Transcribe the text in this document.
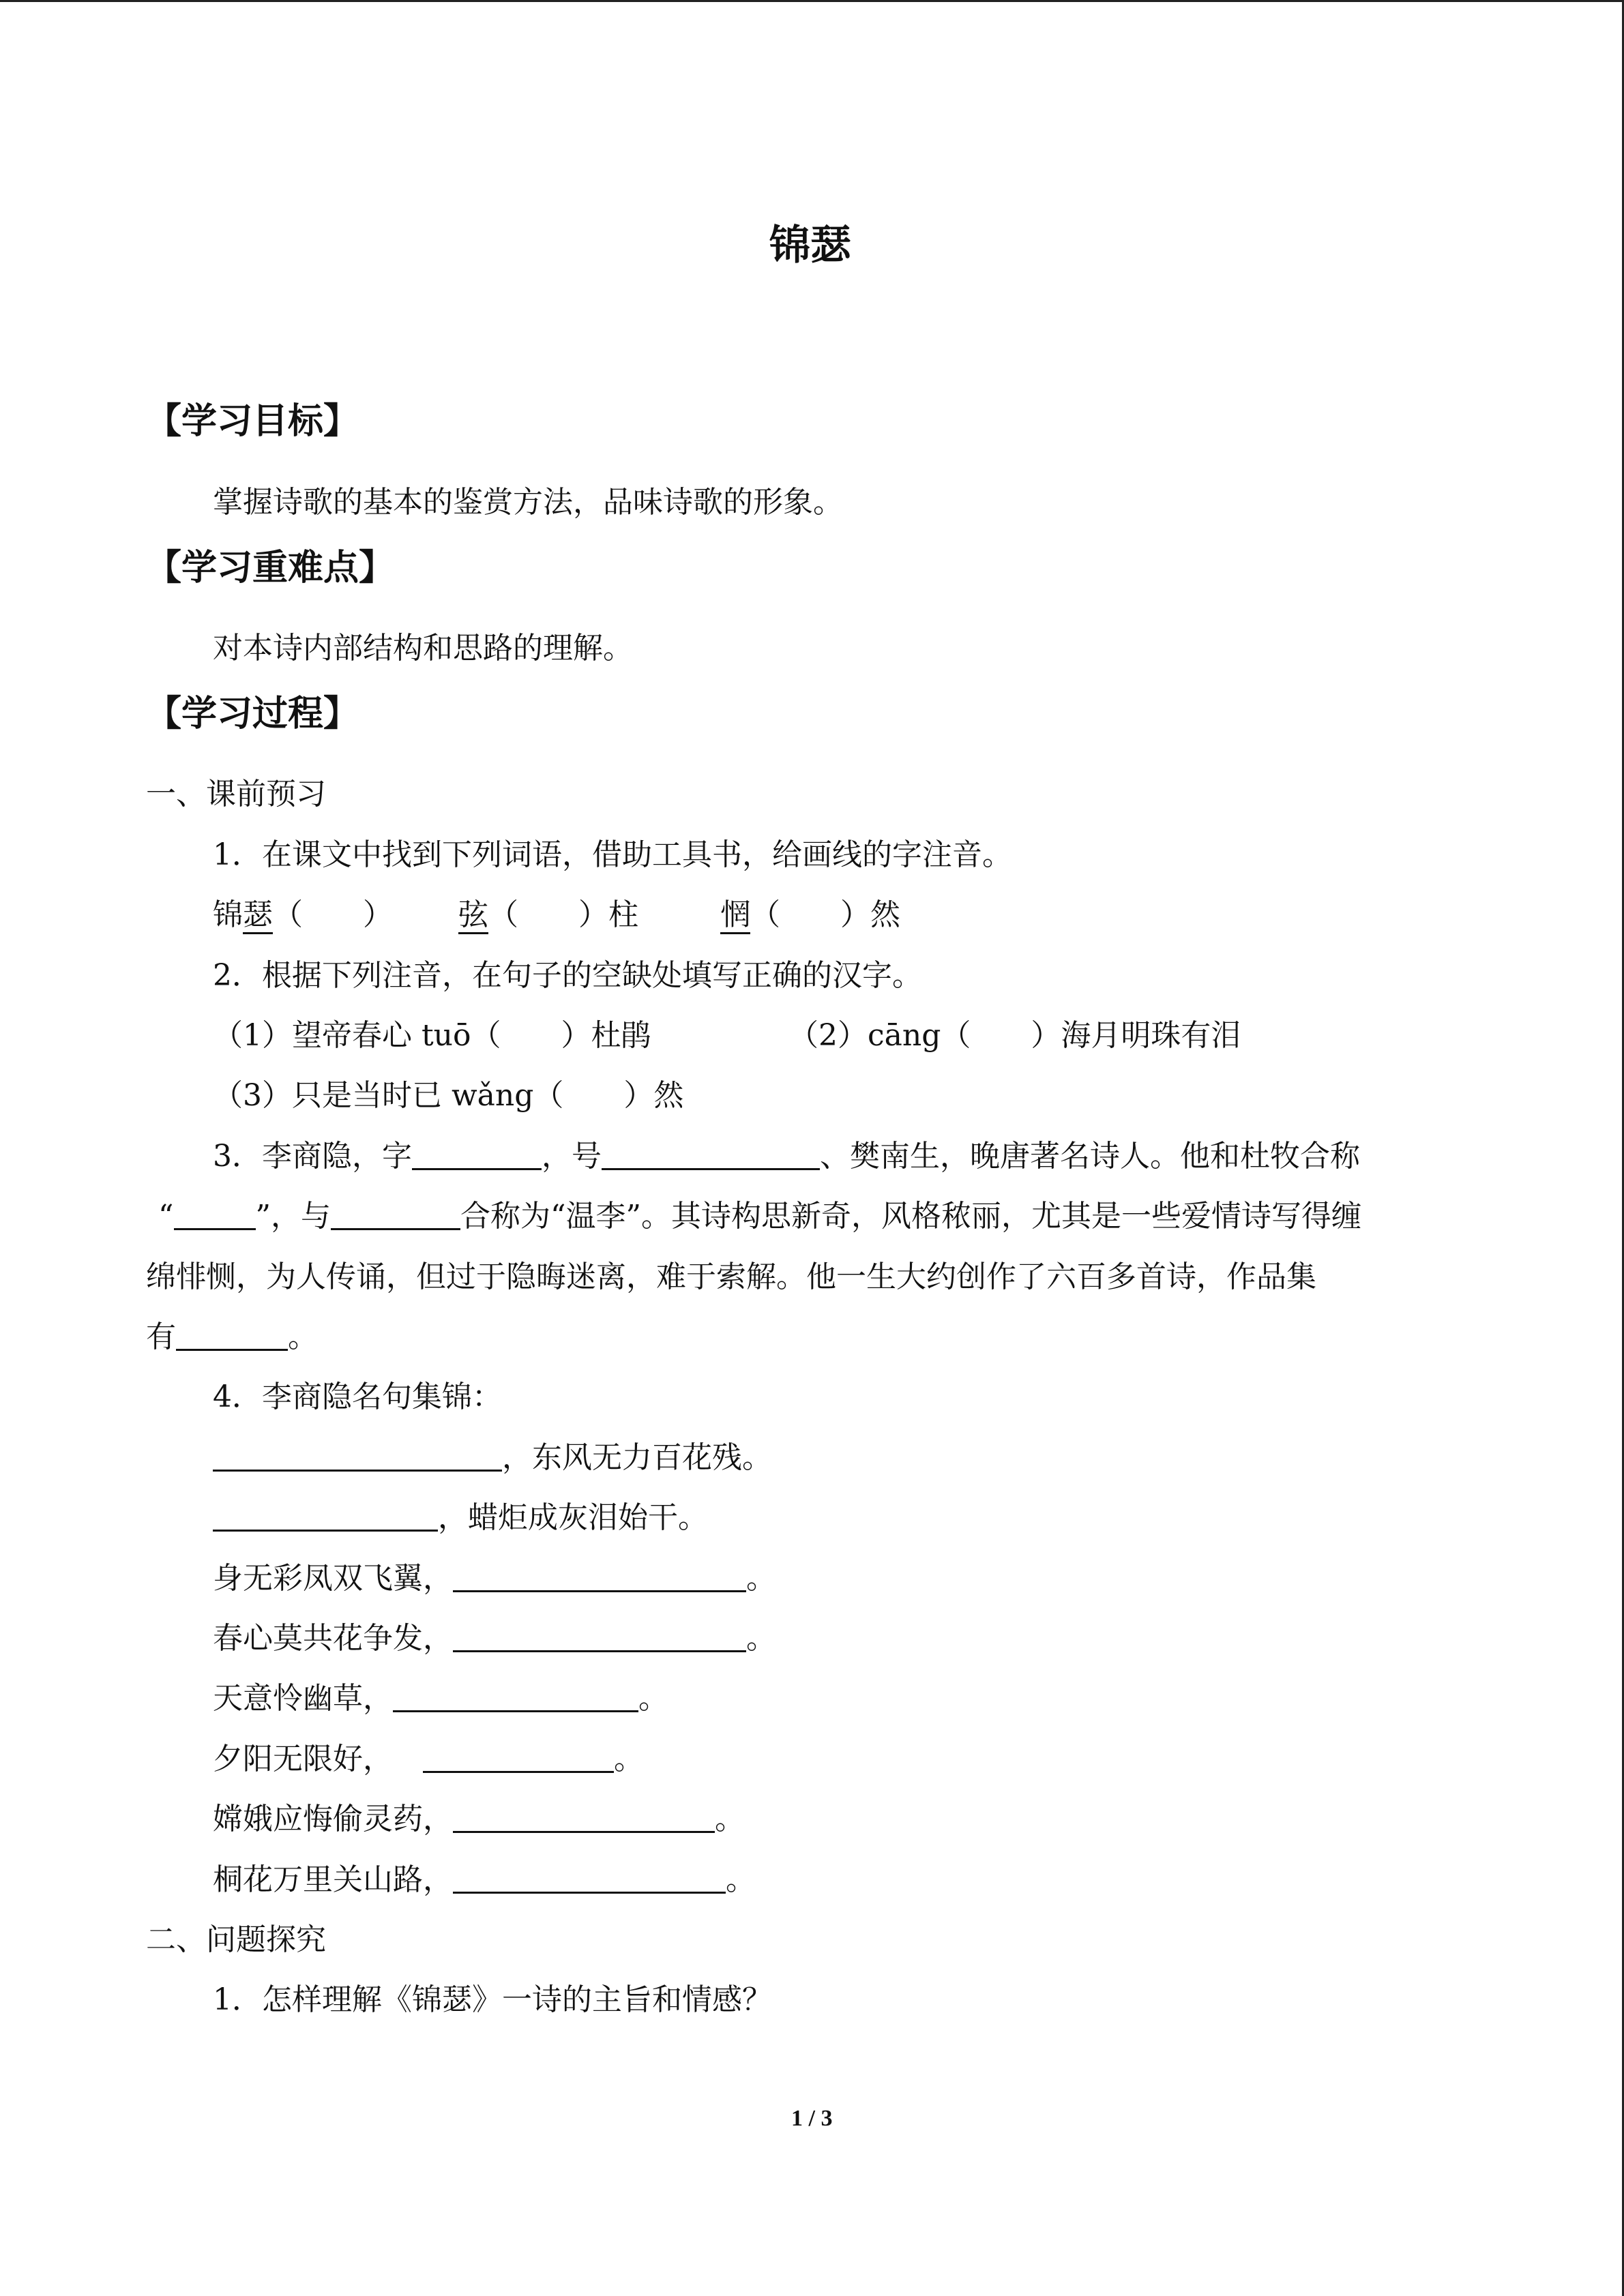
锦瑟
【学习目标】
掌握诗歌的基本的鉴赏方法，品味诗歌的形象。
【学习重难点】
对本诗内部结构和思路的理解。
【学习过程】
一、课前预习
1．在课文中找到下列词语，借助工具书，给画线的字注音。
锦瑟（　　） 弦（　　）柱	惘（　　）然
2．根据下列注音，在句子的空缺处填写正确的汉字。
（1）望帝春心 tuō（　　）杜鹃	（2）cāng（　　）海月明珠有泪
（3）只是当时已 wǎng（　　）然
3．李商隐，字	，号	、樊南生，晚唐著名诗人。他和杜牧合称
“	”，与	合称为“温李”。其诗构思新奇，风格秾丽，尤其是一些爱情诗写得缠
绵悱恻，为人传诵，但过于隐晦迷离，难于索解。他一生大约创作了六百多首诗，作品集
有	。
4．李商隐名句集锦：
，东风无力百花残。
，蜡炬成灰泪始干。
身无彩凤双飞翼，	。
春心莫共花争发，	。
天意怜幽草，	。
夕阳无限好，	。
嫦娥应悔偷灵药，	。
桐花万里关山路，	。
二、问题探究
1．怎样理解《锦瑟》一诗的主旨和情感？
1 / 3
